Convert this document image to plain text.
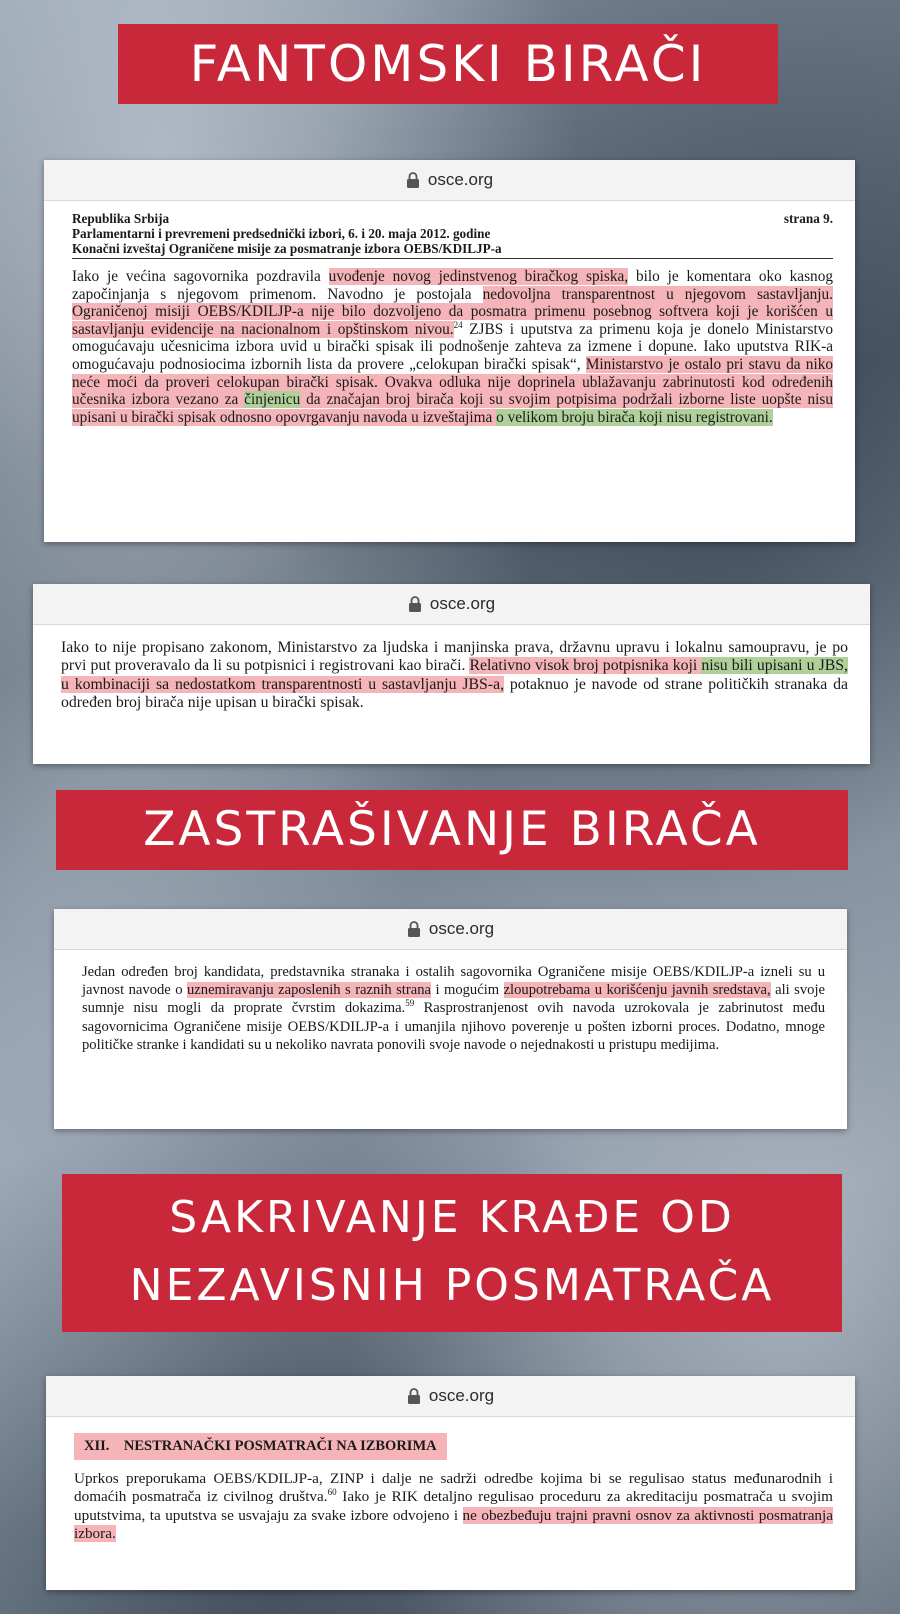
FANTOMSKI BIRAČI
osce.org
Republika Srbija	strana 9.
Parlamentarni i prevremeni predsednički izbori, 6. i 20. maja 2012. godine
Konačni izveštaj Ograničene misije za posmatranje izbora OEBS/KDILJP-a
Iako je većina sagovornika pozdravila uvođenje novog jedinstvenog biračkog spiska, bilo je komentara oko kasnog započinjanja s njegovom primenom. Navodno je postojala nedovoljna transparentnost u njegovom sastavljanju. Ograničenoj misiji OEBS/KDILJP-a nije bilo dozvoljeno da posmatra primenu posebnog softvera koji je korišćen u sastavljanju evidencije na nacionalnom i opštinskom nivou.$^{24}$ ZJBS i uputstva za primenu koja je donelo Ministarstvo omogućavaju učesnicima izbora uvid u birački spisak ili podnošenje zahteva za izmene i dopune. Iako uputstva RIK-a omogućavaju podnosiocima izbornih lista da provere „celokupan birački spisak“, Ministarstvo je ostalo pri stavu da niko neće moći da proveri celokupan birački spisak. Ovakva odluka nije doprinela ublažavanju zabrinutosti kod određenih učesnika izbora vezano za činjenicu da značajan broj birača koji su svojim potpisima podržali izborne liste uopšte nisu upisani u birački spisak odnosno opovrgavanju navoda u izveštajima o velikom broju birača koji nisu registrovani.
osce.org
Iako to nije propisano zakonom, Ministarstvo za ljudska i manjinska prava, državnu upravu i lokalnu samoupravu, je po prvi put proveravalo da li su potpisnici i registrovani kao birači. Relativno visok broj potpisnika koji nisu bili upisani u JBS, u kombinaciji sa nedostatkom transparentnosti u sastavljanju JBS-a, potaknuo je navode od strane političkih stranaka da određen broj birača nije upisan u birački spisak.
ZASTRAŠIVANJE BIRAČA
osce.org
Jedan određen broj kandidata, predstavnika stranaka i ostalih sagovornika Ograničene misije OEBS/KDILJP-a izneli su u javnost navode o uznemiravanju zaposlenih s raznih strana i mogućim zloupotrebama u korišćenju javnih sredstava, ali svoje sumnje nisu mogli da proprate čvrstim dokazima.$^{59}$ Rasprostranjenost ovih navoda uzrokovala je zabrinutost među sagovornicima Ograničene misije OEBS/KDILJP-a i umanjila njihovo poverenje u pošten izborni proces. Dodatno, mnoge političke stranke i kandidati su u nekoliko navrata ponovili svoje navode o nejednakosti u pristupu medijima.
SAKRIVANJE KRAĐE OD
NEZAVISNIH POSMATRAČA
osce.org
XII.    NESTRANAČKI POSMATRAČI NA IZBORIMA
Uprkos preporukama OEBS/KDILJP-a, ZINP i dalje ne sadrži odredbe kojima bi se regulisao status međunarodnih i domaćih posmatrača iz civilnog društva.$^{60}$ Iako je RIK detaljno regulisao proceduru za akreditaciju posmatrača u svojim uputstvima, ta uputstva se usvajaju za svake izbore odvojeno i ne obezbeđuju trajni pravni osnov za aktivnosti posmatranja izbora.
